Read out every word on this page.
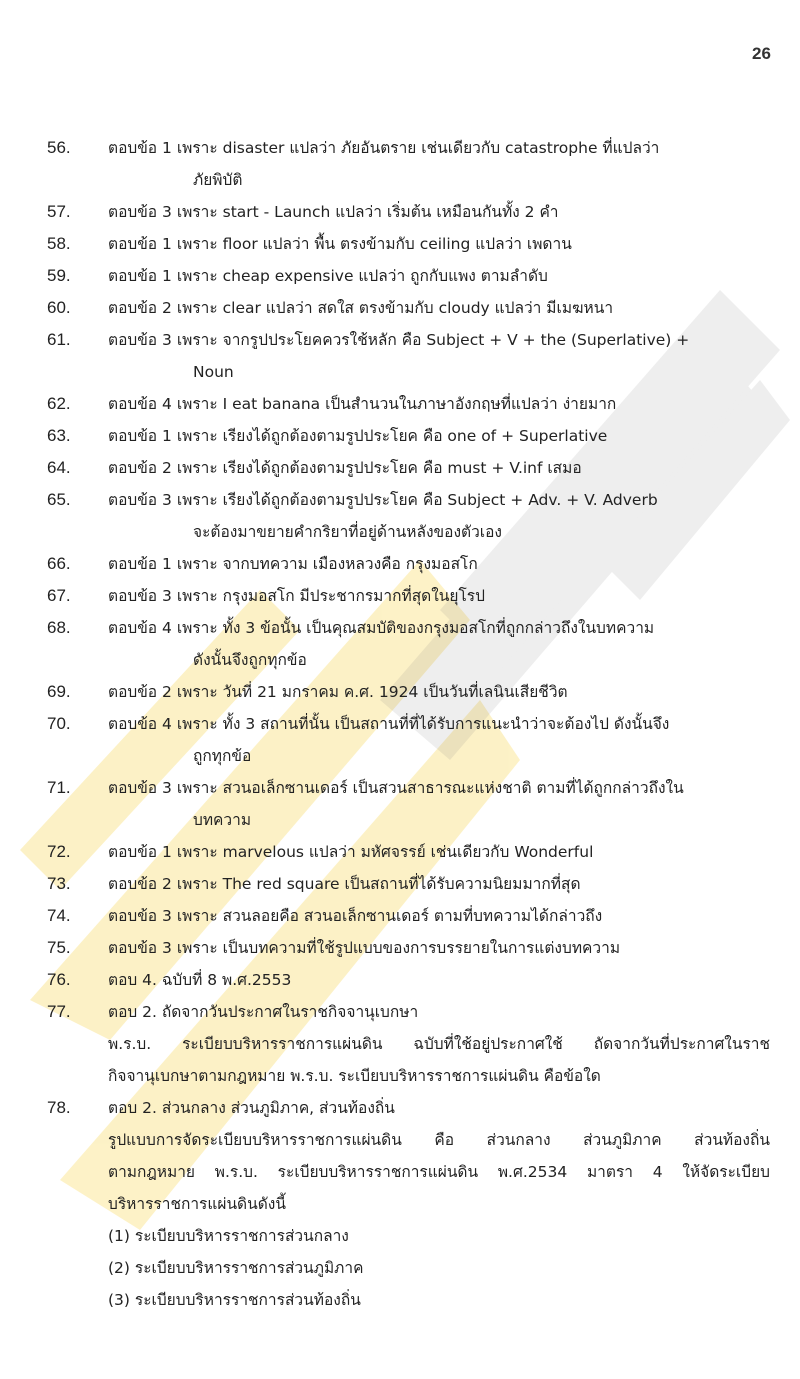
26
56. ตอบข้อ 1 เพราะ disaster แปลว่า ภัยอันตราย เช่นเดียวกับ catastrophe ที่แปลว่า
ภัยพิบัติ
57. ตอบข้อ 3 เพราะ start - Launch แปลว่า เริ่มต้น เหมือนกันทั้ง 2 คำ
58. ตอบข้อ 1 เพราะ floor แปลว่า พื้น ตรงข้ามกับ ceiling แปลว่า เพดาน
59. ตอบข้อ 1 เพราะ cheap expensive แปลว่า ถูกกับแพง ตามลำดับ
60. ตอบข้อ 2 เพราะ clear แปลว่า สดใส ตรงข้ามกับ cloudy แปลว่า มีเมฆหนา
61. ตอบข้อ 3 เพราะ จากรูปประโยคควรใช้หลัก คือ Subject + V + the (Superlative) +
Noun
62. ตอบข้อ 4 เพราะ I eat banana เป็นสำนวนในภาษาอังกฤษที่แปลว่า ง่ายมาก
63. ตอบข้อ 1 เพราะ เรียงได้ถูกต้องตามรูปประโยค คือ one of + Superlative
64. ตอบข้อ 2 เพราะ เรียงได้ถูกต้องตามรูปประโยค คือ must + V.inf เสมอ
65. ตอบข้อ 3 เพราะ เรียงได้ถูกต้องตามรูปประโยค คือ Subject + Adv. + V. Adverb
จะต้องมาขยายคำกริยาที่อยู่ด้านหลังของตัวเอง
66. ตอบข้อ 1 เพราะ จากบทความ เมืองหลวงคือ กรุงมอสโก
67. ตอบข้อ 3 เพราะ กรุงมอสโก มีประชากรมากที่สุดในยุโรป
68. ตอบข้อ 4 เพราะ ทั้ง 3 ข้อนั้น เป็นคุณสมบัติของกรุงมอสโกที่ถูกกล่าวถึงในบทความ
ดังนั้นจึงถูกทุกข้อ
69. ตอบข้อ 2 เพราะ วันที่ 21 มกราคม ค.ศ. 1924 เป็นวันที่เลนินเสียชีวิต
70. ตอบข้อ 4 เพราะ ทั้ง 3 สถานที่นั้น เป็นสถานที่ที่ได้รับการแนะนำว่าจะต้องไป ดังนั้นจึง
ถูกทุกข้อ
71. ตอบข้อ 3 เพราะ สวนอเล็กซานเดอร์ เป็นสวนสาธารณะแห่งชาติ ตามที่ได้ถูกกล่าวถึงใน
บทความ
72. ตอบข้อ 1 เพราะ marvelous แปลว่า มหัศจรรย์ เช่นเดียวกับ Wonderful
73. ตอบข้อ 2 เพราะ The red square เป็นสถานที่ได้รับความนิยมมากที่สุด
74. ตอบข้อ 3 เพราะ สวนลอยคือ สวนอเล็กซานเดอร์ ตามที่บทความได้กล่าวถึง
75. ตอบข้อ 3 เพราะ เป็นบทความที่ใช้รูปแบบของการบรรยายในการแต่งบทความ
76. ตอบ 4. ฉบับที่ 8 พ.ศ.2553
77. ตอบ 2. ถัดจากวันประกาศในราชกิจจานุเบกษา
พ.ร.บ. ระเบียบบริหารราชการแผ่นดิน ฉบับที่ใช้อยู่ประกาศใช้ ถัดจากวันที่ประกาศในราช
กิจจานุเบกษาตามกฎหมาย พ.ร.บ. ระเบียบบริหารราชการแผ่นดิน คือข้อใด
78. ตอบ 2. ส่วนกลาง ส่วนภูมิภาค, ส่วนท้องถิ่น
รูปแบบการจัดระเบียบบริหารราชการแผ่นดิน คือ ส่วนกลาง ส่วนภูมิภาค ส่วนท้องถิ่น
ตามกฎหมาย พ.ร.บ. ระเบียบบริหารราชการแผ่นดิน พ.ศ.2534 มาตรา 4 ให้จัดระเบียบ
บริหารราชการแผ่นดินดังนี้
(1) ระเบียบบริหารราชการส่วนกลาง
(2) ระเบียบบริหารราชการส่วนภูมิภาค
(3) ระเบียบบริหารราชการส่วนท้องถิ่น
